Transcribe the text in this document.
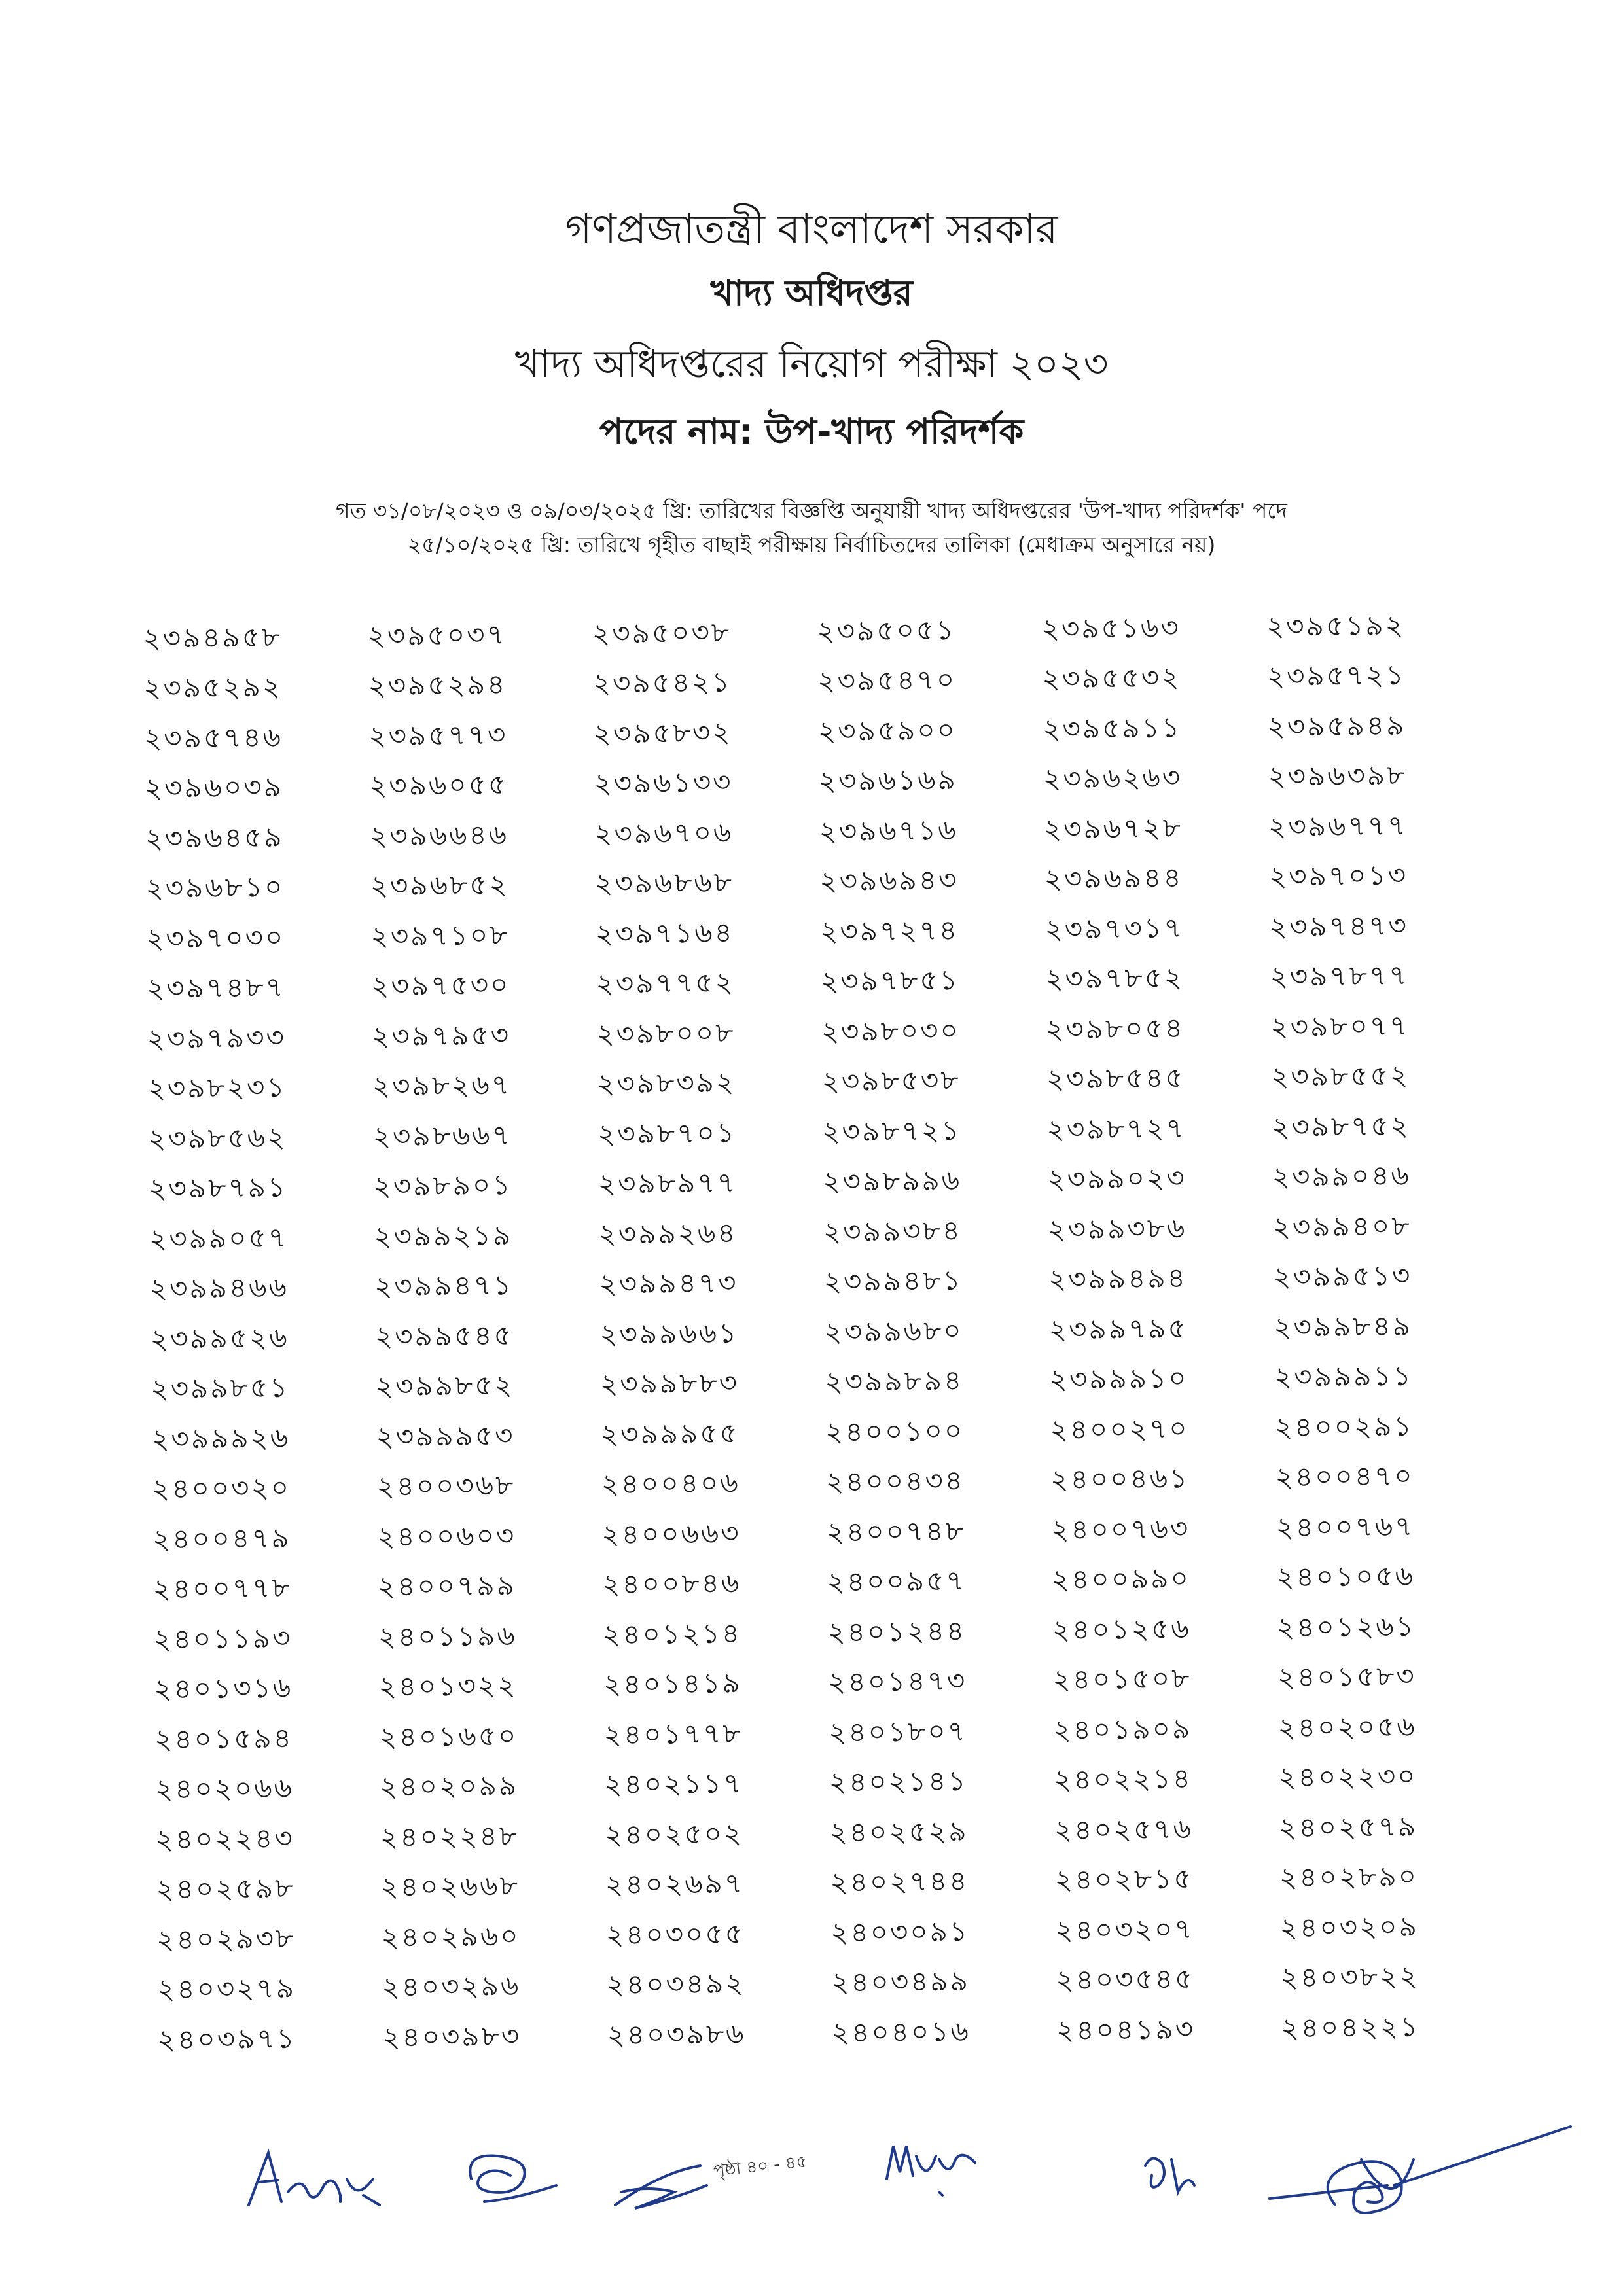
গণপ্রজাতন্ত্রী বাংলাদেশ সরকার
খাদ্য অধিদপ্তর
খাদ্য অধিদপ্তরের নিয়োগ পরীক্ষা ২০২৩
পদের নাম: উপ-খাদ্য পরিদর্শক
গত ৩১/০৮/২০২৩ ও ০৯/০৩/২০২৫ খ্রি: তারিখের বিজ্ঞপ্তি অনুযায়ী খাদ্য অধিদপ্তরের 'উপ-খাদ্য পরিদর্শক' পদে
২৫/১০/২০২৫ খ্রি: তারিখে গৃহীত বাছাই পরীক্ষায় নির্বাচিতদের তালিকা (মেধাক্রম অনুসারে নয়)
২৩৯৪৯৫৮	২৩৯৫০৩৭	২৩৯৫০৩৮	২৩৯৫০৫১	২৩৯৫১৬৩	২৩৯৫১৯২
২৩৯৫২৯২	২৩৯৫২৯৪	২৩৯৫৪২১	২৩৯৫৪৭০	২৩৯৫৫৩২	২৩৯৫৭২১
২৩৯৫৭৪৬	২৩৯৫৭৭৩	২৩৯৫৮৩২	২৩৯৫৯০০	২৩৯৫৯১১	২৩৯৫৯৪৯
২৩৯৬০৩৯	২৩৯৬০৫৫	২৩৯৬১৩৩	২৩৯৬১৬৯	২৩৯৬২৬৩	২৩৯৬৩৯৮
২৩৯৬৪৫৯	২৩৯৬৬৪৬	২৩৯৬৭০৬	২৩৯৬৭১৬	২৩৯৬৭২৮	২৩৯৬৭৭৭
২৩৯৬৮১০	২৩৯৬৮৫২	২৩৯৬৮৬৮	২৩৯৬৯৪৩	২৩৯৬৯৪৪	২৩৯৭০১৩
২৩৯৭০৩০	২৩৯৭১০৮	২৩৯৭১৬৪	২৩৯৭২৭৪	২৩৯৭৩১৭	২৩৯৭৪৭৩
২৩৯৭৪৮৭	২৩৯৭৫৩০	২৩৯৭৭৫২	২৩৯৭৮৫১	২৩৯৭৮৫২	২৩৯৭৮৭৭
২৩৯৭৯৩৩	২৩৯৭৯৫৩	২৩৯৮০০৮	২৩৯৮০৩০	২৩৯৮০৫৪	২৩৯৮০৭৭
২৩৯৮২৩১	২৩৯৮২৬৭	২৩৯৮৩৯২	২৩৯৮৫৩৮	২৩৯৮৫৪৫	২৩৯৮৫৫২
২৩৯৮৫৬২	২৩৯৮৬৬৭	২৩৯৮৭০১	২৩৯৮৭২১	২৩৯৮৭২৭	২৩৯৮৭৫২
২৩৯৮৭৯১	২৩৯৮৯০১	২৩৯৮৯৭৭	২৩৯৮৯৯৬	২৩৯৯০২৩	২৩৯৯০৪৬
২৩৯৯০৫৭	২৩৯৯২১৯	২৩৯৯২৬৪	২৩৯৯৩৮৪	২৩৯৯৩৮৬	২৩৯৯৪০৮
২৩৯৯৪৬৬	২৩৯৯৪৭১	২৩৯৯৪৭৩	২৩৯৯৪৮১	২৩৯৯৪৯৪	২৩৯৯৫১৩
২৩৯৯৫২৬	২৩৯৯৫৪৫	২৩৯৯৬৬১	২৩৯৯৬৮০	২৩৯৯৭৯৫	২৩৯৯৮৪৯
২৩৯৯৮৫১	২৩৯৯৮৫২	২৩৯৯৮৮৩	২৩৯৯৮৯৪	২৩৯৯৯১০	২৩৯৯৯১১
২৩৯৯৯২৬	২৩৯৯৯৫৩	২৩৯৯৯৫৫	২৪০০১০০	২৪০০২৭০	২৪০০২৯১
২৪০০৩২০	২৪০০৩৬৮	২৪০০৪০৬	২৪০০৪৩৪	২৪০০৪৬১	২৪০০৪৭০
২৪০০৪৭৯	২৪০০৬০৩	২৪০০৬৬৩	২৪০০৭৪৮	২৪০০৭৬৩	২৪০০৭৬৭
২৪০০৭৭৮	২৪০০৭৯৯	২৪০০৮৪৬	২৪০০৯৫৭	২৪০০৯৯০	২৪০১০৫৬
২৪০১১৯৩	২৪০১১৯৬	২৪০১২১৪	২৪০১২৪৪	২৪০১২৫৬	২৪০১২৬১
২৪০১৩১৬	২৪০১৩২২	২৪০১৪১৯	২৪০১৪৭৩	২৪০১৫০৮	২৪০১৫৮৩
২৪০১৫৯৪	২৪০১৬৫০	২৪০১৭৭৮	২৪০১৮০৭	২৪০১৯০৯	২৪০২০৫৬
২৪০২০৬৬	২৪০২০৯৯	২৪০২১১৭	২৪০২১৪১	২৪০২২১৪	২৪০২২৩০
২৪০২২৪৩	২৪০২২৪৮	২৪০২৫০২	২৪০২৫২৯	২৪০২৫৭৬	২৪০২৫৭৯
২৪০২৫৯৮	২৪০২৬৬৮	২৪০২৬৯৭	২৪০২৭৪৪	২৪০২৮১৫	২৪০২৮৯০
২৪০২৯৩৮	২৪০২৯৬০	২৪০৩০৫৫	২৪০৩০৯১	২৪০৩২০৭	২৪০৩২০৯
২৪০৩২৭৯	২৪০৩২৯৬	২৪০৩৪৯২	২৪০৩৪৯৯	২৪০৩৫৪৫	২৪০৩৮২২
২৪০৩৯৭১	২৪০৩৯৮৩	২৪০৩৯৮৬	২৪০৪০১৬	২৪০৪১৯৩	২৪০৪২২১
পৃষ্ঠা ৪০ - ৪৫
